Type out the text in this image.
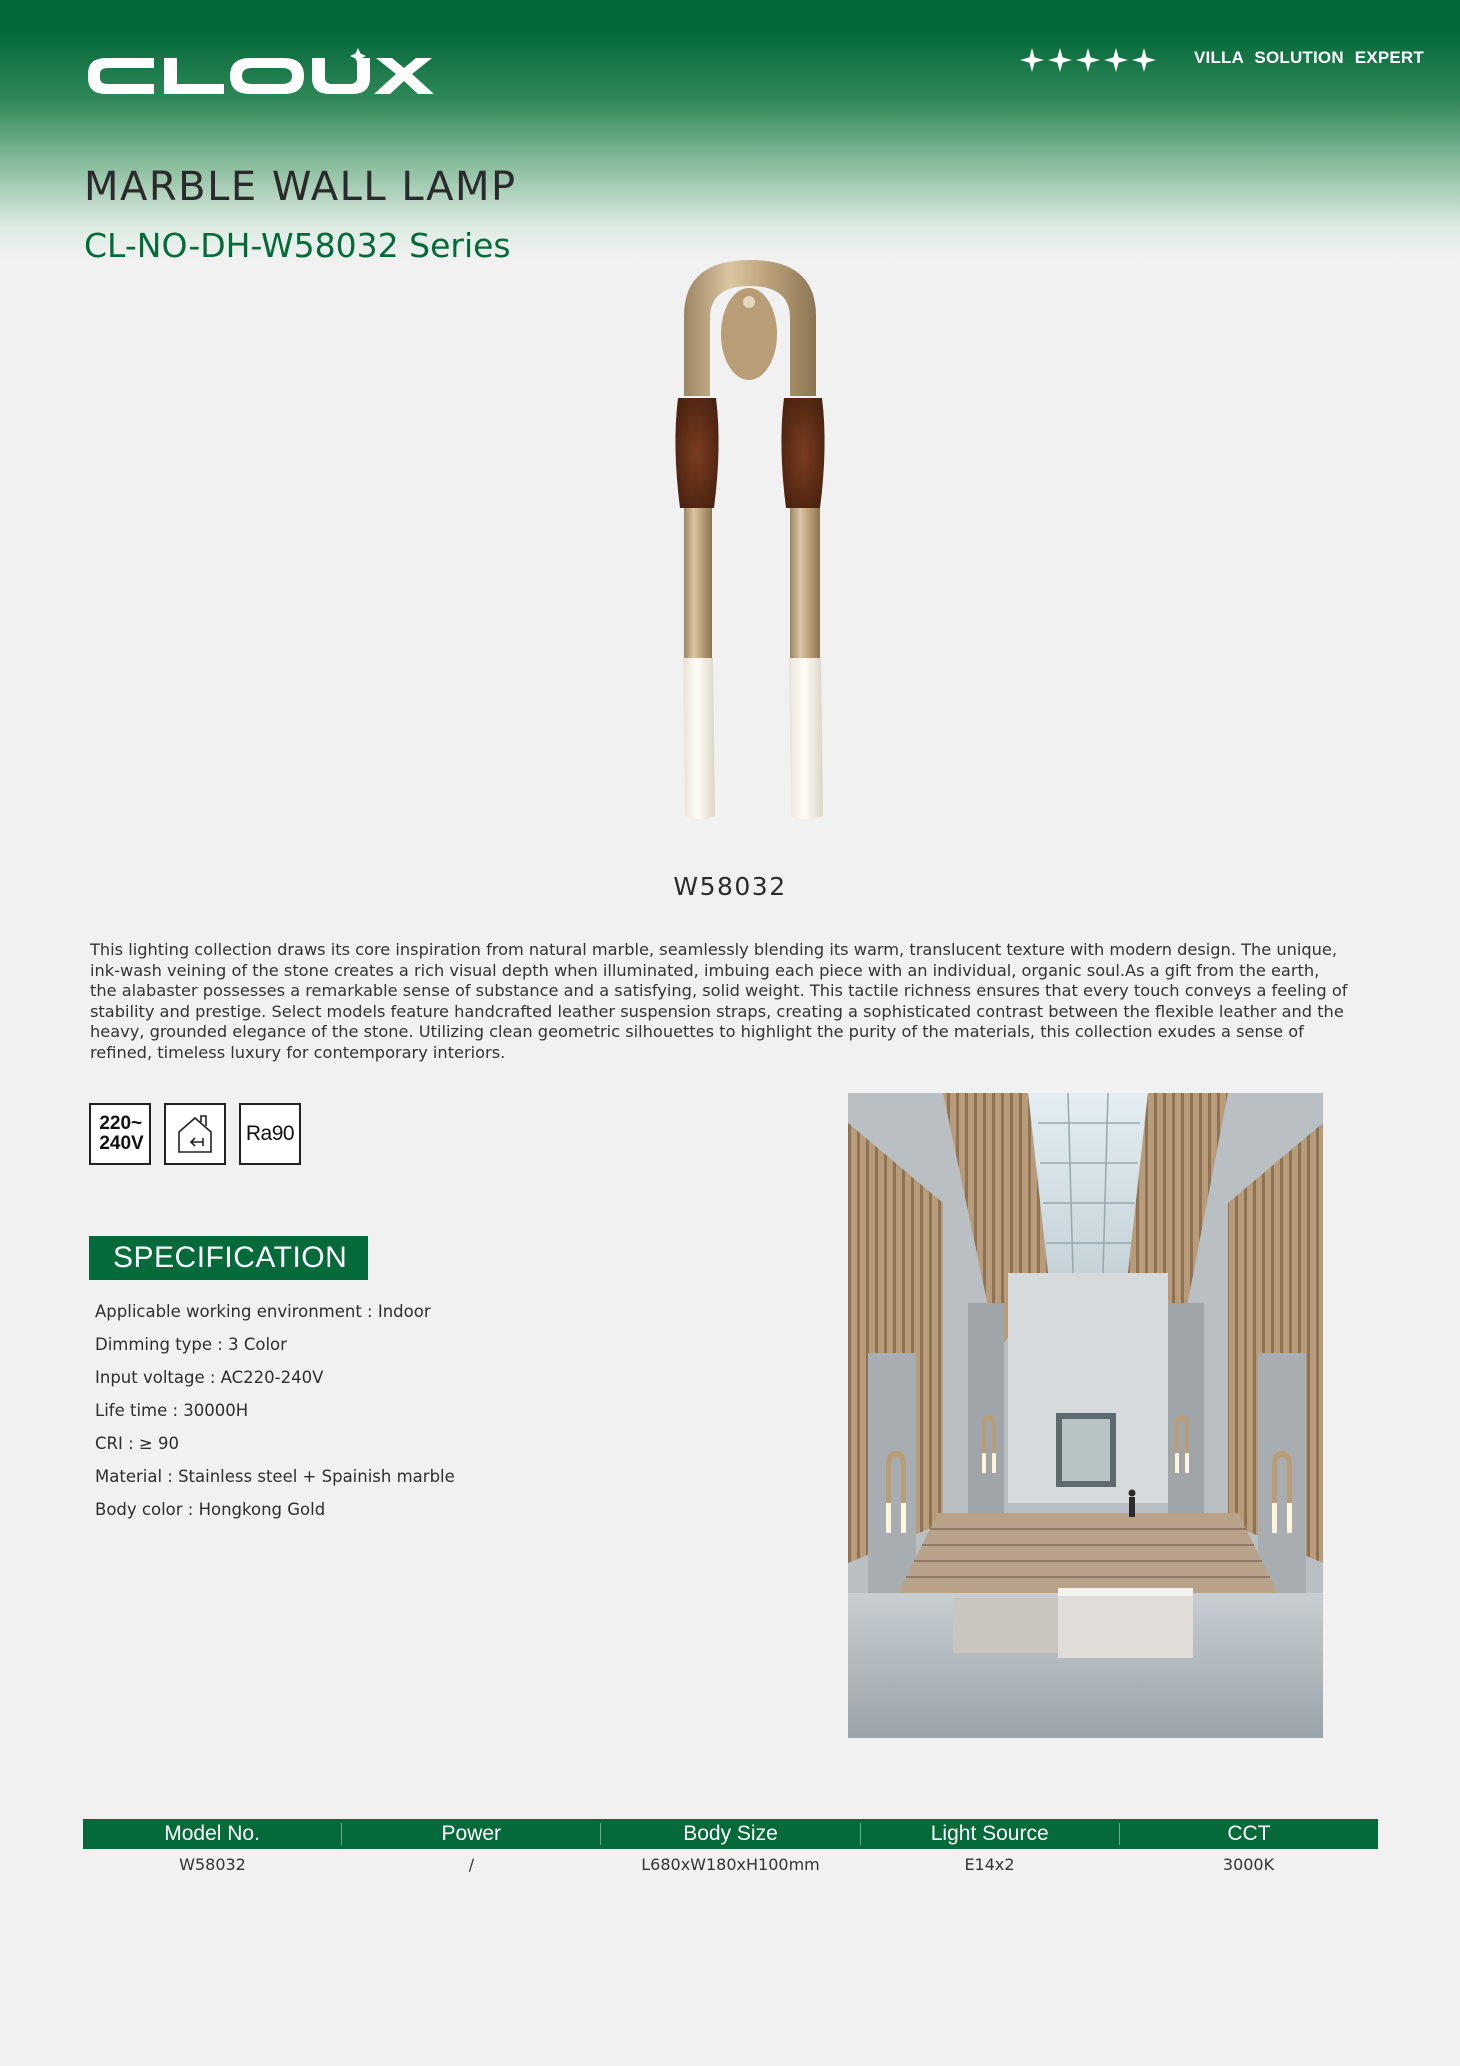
VILLA SOLUTION EXPERT
MARBLE WALL LAMP
CL-NO-DH-W58032 Series
W58032

This lighting collection draws its core inspiration from natural marble, seamlessly blending its warm, translucent texture with modern design. The unique, ink-wash veining of the stone creates a rich visual depth when illuminated, imbuing each piece with an individual, organic soul.As a gift from the earth, the alabaster possesses a remarkable sense of substance and a satisfying, solid weight. This tactile richness ensures that every touch conveys a feeling of stability and prestige. Select models feature handcrafted leather suspension straps, creating a sophisticated contrast between the flexible leather and the heavy, grounded elegance of the stone. Utilizing clean geometric silhouettes to highlight the purity of the materials, this collection exudes a sense of refined, timeless luxury for contemporary interiors.

220~
240V	Ra90
SPECIFICATION
Applicable working environment : Indoor
Dimming type : 3 Color
Input voltage : AC220-240V
Life time : 30000H
CRI : ≥ 90
Material : Stainless steel + Spainish marble
Body color : Hongkong Gold
Model No.	Power	Body Size	Light Source	CCT
W58032	/	L680xW180xH100mm	E14x2	3000K
